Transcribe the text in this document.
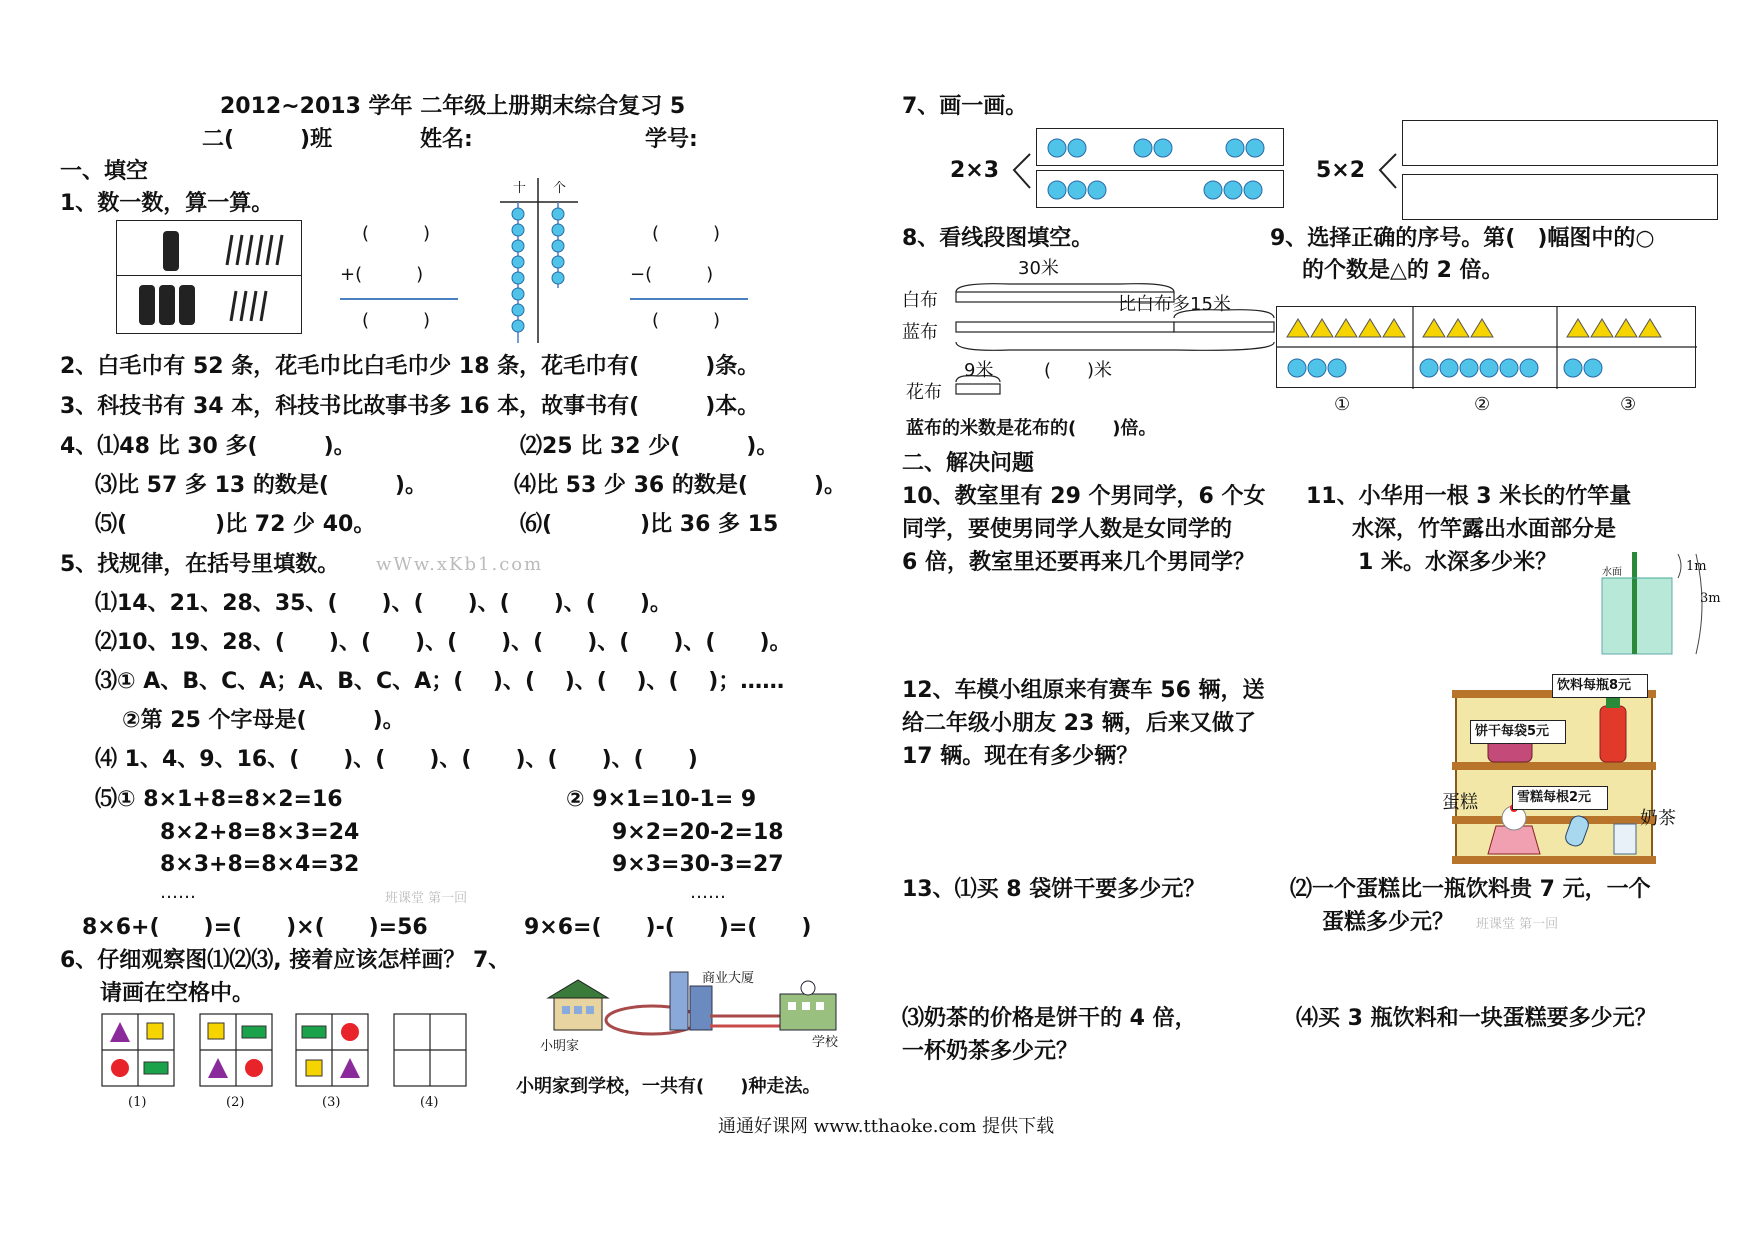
2012~2013 学年 二年级上册期末综合复习 5
二(　　　)班	姓名:	学号:
一、填空
1、数一数，算一算。
(　　　)
+(　　　)
(　　　)
十 个
(　　　)
−(　　　)
(　　　)
2、白毛巾有 52 条，花毛巾比白毛巾少 18 条，花毛巾有(　　　)条。
3、科技书有 34 本，科技书比故事书多 16 本，故事书有(　　　)本。
4、⑴48 比 30 多(　　　)。	⑵25 比 32 少(　　　)。
⑶比 57 多 13 的数是(　　　)。	⑷比 53 少 36 的数是(　　　)。
⑸(　　　　)比 72 少 40。	⑹(　　　　)比 36 多 15
5、找规律，在括号里填数。 wWw.xKb1.com
⑴14、21、28、35、(　　)、(　　)、(　　)、(　　)。
⑵10、19、28、(　　)、(　　)、(　　)、(　　)、(　　)、(　　)。
⑶① A、B、C、A；A、B、C、A；(　 )、(　 )、(　 )、(　 )；……
②第 25 个字母是(　　　)。
⑷ 1、4、9、16、(　　)、(　　)、(　　)、(　　)、(　　)
⑸① 8×1+8=8×2=16
8×2+8=8×3=24
8×3+8=8×4=32
……
② 9×1=10-1= 9
9×2=20-2=18
9×3=30-3=27
……
班课堂 第一回
8×6+(　　)=(　　)×(　　)=56	9×6=(　　)-(　　)=(　　)
6、仔细观察图⑴⑵⑶, 接着应该怎样画？ 7、
请画在空格中。
(1)	(2)	(3)	(4)
商业大厦
小明家	学校
小明家到学校，一共有(　　)种走法。
7、画一画。
2×3	5×2
8、看线段图填空。
30米
白布
蓝布
比白布多15米
9米	(　　)米
花布
蓝布的米数是花布的(　　)倍。
9、选择正确的序号。第(　)幅图中的○
的个数是△的 2 倍。
①	②	③
二、解决问题
10、教室里有 29 个男同学，6 个女
同学，要使男同学人数是女同学的
6 倍，教室里还要再来几个男同学？
11、小华用一根 3 米长的竹竿量
水深，竹竿露出水面部分是
1 米。水深多少米？	水面	1m
3m
12、车模小组原来有赛车 56 辆，送
给二年级小朋友 23 辆，后来又做了
17 辆。现在有多少辆？
饮料每瓶8元
饼干每袋5元
雪糕每根2元
蛋糕
奶茶
13、⑴买 8 袋饼干要多少元？	⑵一个蛋糕比一瓶饮料贵 7 元，一个
蛋糕多少元？ 班课堂 第一回
⑶奶茶的价格是饼干的 4 倍，
一杯奶茶多少元？
⑷买 3 瓶饮料和一块蛋糕要多少元？
通通好课网 www.tthaoke.com 提供下载
